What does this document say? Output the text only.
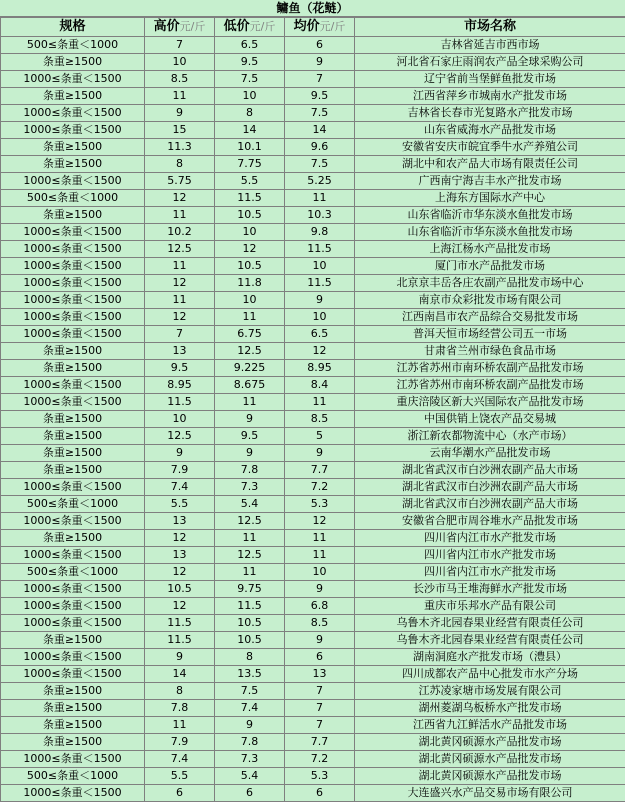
鳙鱼（花鲢）
规格	高价元/斤	低价元/斤	均价元/斤	市场名称
500≤条重＜1000	7	6.5	6	吉林省延吉市西市场
条重≥1500	10	9.5	9	河北省石家庄雨润农产品全球采购公司
1000≤条重＜1500	8.5	7.5	7	辽宁省前当堡鲜鱼批发市场
条重≥1500	11	10	9.5	江西省萍乡市城南水产批发市场
1000≤条重＜1500	9	8	7.5	吉林省长春市光复路水产批发市场
1000≤条重＜1500	15	14	14	山东省威海水产品批发市场
条重≥1500	11.3	10.1	9.6	安徽省安庆市皖宜季牛水产养殖公司
条重≥1500	8	7.75	7.5	湖北中和农产品大市场有限责任公司
1000≤条重＜1500	5.75	5.5	5.25	广西南宁海吉丰水产批发市场
500≤条重＜1000	12	11.5	11	上海东方国际水产中心
条重≥1500	11	10.5	10.3	山东省临沂市华东淡水鱼批发市场
1000≤条重＜1500	10.2	10	9.8	山东省临沂市华东淡水鱼批发市场
1000≤条重＜1500	12.5	12	11.5	上海江杨水产品批发市场
1000≤条重＜1500	11	10.5	10	厦门市水产品批发市场
1000≤条重＜1500	12	11.8	11.5	北京京丰岳各庄农副产品批发市场中心
1000≤条重＜1500	11	10	9	南京市众彩批发市场有限公司
1000≤条重＜1500	12	11	10	江西南昌市农产品综合交易批发市场
1000≤条重＜1500	7	6.75	6.5	普洱天恒市场经营公司五一市场
条重≥1500	13	12.5	12	甘肃省兰州市绿色食品市场
条重≥1500	9.5	9.225	8.95	江苏省苏州市南环桥农副产品批发市场
1000≤条重＜1500	8.95	8.675	8.4	江苏省苏州市南环桥农副产品批发市场
1000≤条重＜1500	11.5	11	11	重庆涪陵区新大兴国际农产品批发市场
条重≥1500	10	9	8.5	中国供销上饶农产品交易城
条重≥1500	12.5	9.5	5	浙江新农都物流中心（水产市场）
条重≥1500	9	9	9	云南华潮水产品批发市场
条重≥1500	7.9	7.8	7.7	湖北省武汉市白沙洲农副产品大市场
1000≤条重＜1500	7.4	7.3	7.2	湖北省武汉市白沙洲农副产品大市场
500≤条重＜1000	5.5	5.4	5.3	湖北省武汉市白沙洲农副产品大市场
1000≤条重＜1500	13	12.5	12	安徽省合肥市周谷堆水产品批发市场
条重≥1500	12	11	11	四川省内江市水产批发市场
1000≤条重＜1500	13	12.5	11	四川省内江市水产批发市场
500≤条重＜1000	12	11	10	四川省内江市水产批发市场
1000≤条重＜1500	10.5	9.75	9	长沙市马王堆海鲜水产批发市场
1000≤条重＜1500	12	11.5	6.8	重庆市乐邦水产品有限公司
1000≤条重＜1500	11.5	10.5	8.5	乌鲁木齐北园春果业经营有限责任公司
条重≥1500	11.5	10.5	9	乌鲁木齐北园春果业经营有限责任公司
1000≤条重＜1500	9	8	6	湖南洞庭水产批发市场（澧县）
1000≤条重＜1500	14	13.5	13	四川成都农产品中心批发市水产分场
条重≥1500	8	7.5	7	江苏凌家塘市场发展有限公司
条重≥1500	7.8	7.4	7	湖州菱湖乌板桥水产批发市场
条重≥1500	11	9	7	江西省九江鲜活水产品批发市场
条重≥1500	7.9	7.8	7.7	湖北黄冈硕源水产品批发市场
1000≤条重＜1500	7.4	7.3	7.2	湖北黄冈硕源水产品批发市场
500≤条重＜1000	5.5	5.4	5.3	湖北黄冈硕源水产品批发市场
1000≤条重＜1500	6	6	6	大连盛兴水产品交易市场有限公司
